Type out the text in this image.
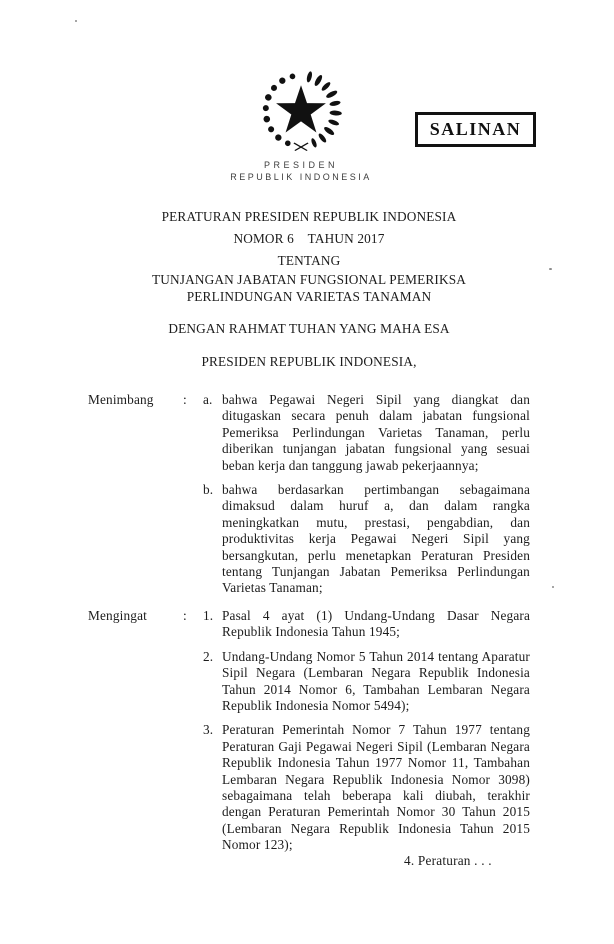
PRESIDEN
REPUBLIK INDONESIA
SALINAN
PERATURAN PRESIDEN REPUBLIK INDONESIA
NOMOR 6    TAHUN 2017
TENTANG
TUNJANGAN JABATAN FUNGSIONAL PEMERIKSA
PERLINDUNGAN VARIETAS TANAMAN
DENGAN RAHMAT TUHAN YANG MAHA ESA
PRESIDEN REPUBLIK INDONESIA,
Menimbang	:	a. bahwa Pegawai Negeri Sipil yang diangkat dan ditugaskan secara penuh dalam jabatan fungsional Pemeriksa Perlindungan Varietas Tanaman, perlu diberikan tunjangan jabatan fungsional yang sesuai beban kerja dan tanggung jawab pekerjaannya;
b. bahwa berdasarkan pertimbangan sebagaimana dimaksud dalam huruf a, dan dalam rangka meningkatkan mutu, prestasi, pengabdian, dan produktivitas kerja Pegawai Negeri Sipil yang bersangkutan, perlu menetapkan Peraturan Presiden tentang Tunjangan Jabatan Pemeriksa Perlindungan Varietas Tanaman;
Mengingat	:	1. Pasal 4 ayat (1) Undang-Undang Dasar Negara Republik Indonesia Tahun 1945;
2. Undang-Undang Nomor 5 Tahun 2014 tentang Aparatur Sipil Negara (Lembaran Negara Republik Indonesia Tahun 2014 Nomor 6, Tambahan Lembaran Negara Republik Indonesia Nomor 5494);
3. Peraturan Pemerintah Nomor 7 Tahun 1977 tentang Peraturan Gaji Pegawai Negeri Sipil (Lembaran Negara Republik Indonesia Tahun 1977 Nomor 11, Tambahan Lembaran Negara Republik Indonesia Nomor 3098) sebagaimana telah beberapa kali diubah, terakhir dengan Peraturan Pemerintah Nomor 30 Tahun 2015 (Lembaran Negara Republik Indonesia Tahun 2015 Nomor 123);
4. Peraturan . . .
